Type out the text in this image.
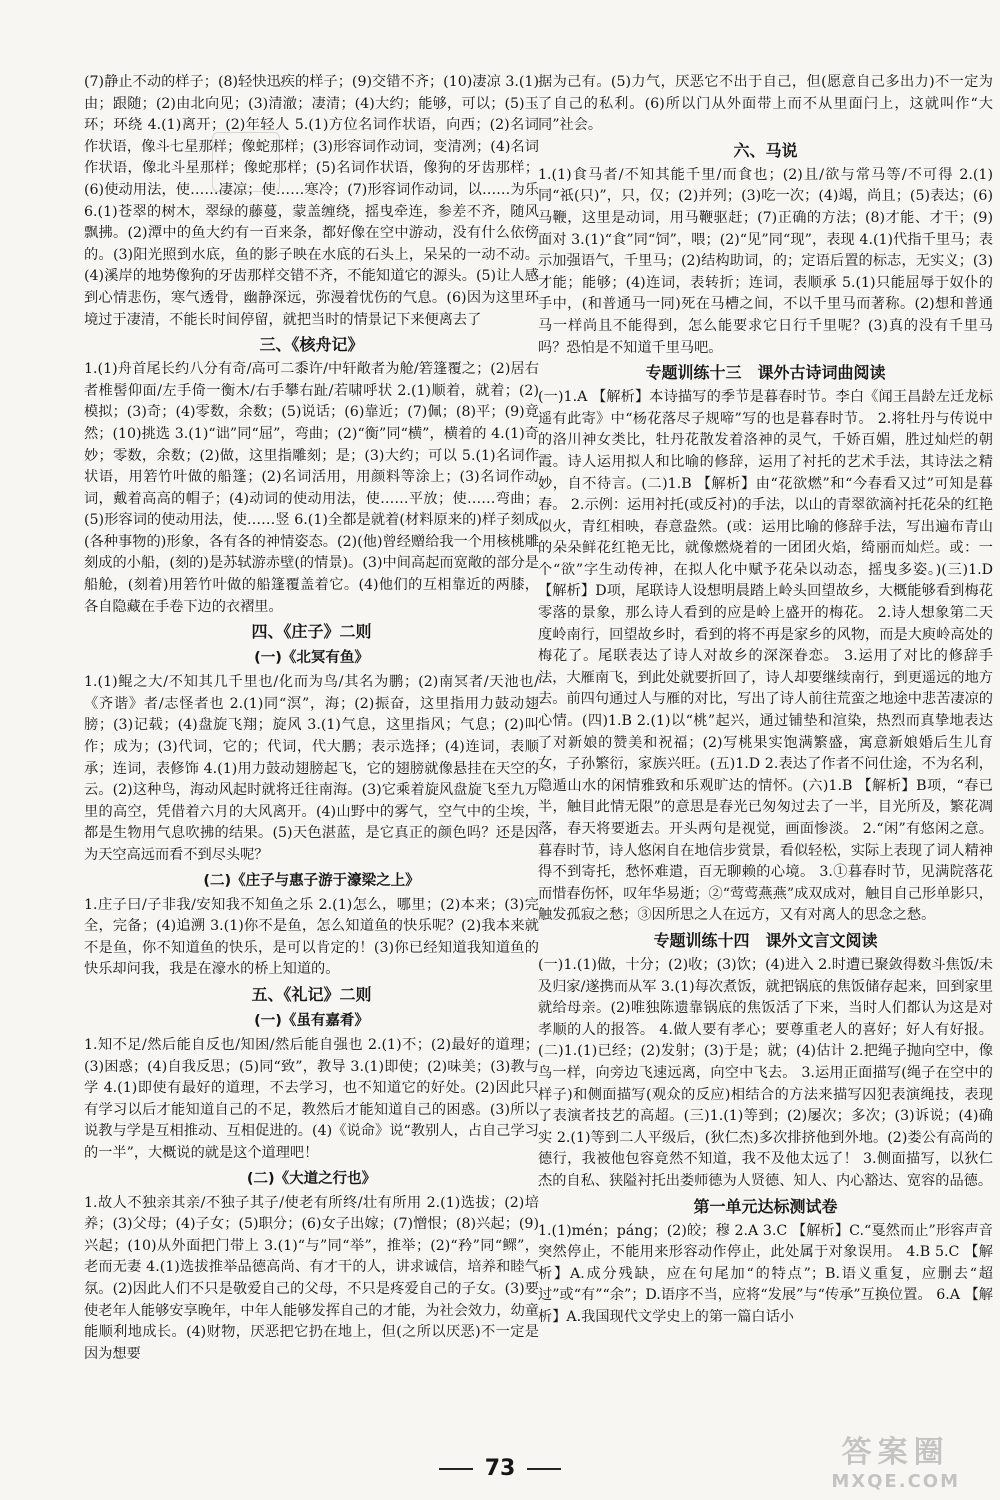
(7)静止不动的样子；(8)轻快迅疾的样子；(9)交错不齐；(10)凄凉 3.(1)由；跟随；(2)由北向见；(3)清澈；凄清；(4)大约；能够，可以；(5)玉环；环绕 4.(1)离开；(2)年轻人 5.(1)方位名词作状语，向西；(2)名词作状语，像斗七星那样；像蛇那样；(3)形容词作动词，变清冽；(4)名词作状语，像北斗星那样；像蛇那样；(5)名词作状语，像狗的牙齿那样；(6)使动用法，使……凄凉；使……寒冷；(7)形容词作动词，以……为乐 6.(1)苍翠的树木，翠绿的藤蔓，蒙盖缠绕，摇曳牵连，参差不齐，随风飘拂。(2)潭中的鱼大约有一百来条，都好像在空中游动，没有什么依傍的。(3)阳光照到水底，鱼的影子映在水底的石头上，呆呆的一动不动。(4)溪岸的地势像狗的牙齿那样交错不齐，不能知道它的源头。(5)让人感到心情悲伤，寒气透骨，幽静深远，弥漫着忧伤的气息。(6)因为这里环境过于凄清，不能长时间停留，就把当时的情景记下来便离去了

三、《核舟记》

1.(1)舟首尾长约八分有奇/高可二黍许/中轩敞者为舱/箬篷覆之；(2)居右者椎髻仰面/左手倚一衡木/右手攀右趾/若啸呼状 2.(1)顺着，就着；(2)模拟；(3)奇；(4)零数，余数；(5)说话；(6)靠近；(7)佩；(8)平；(9)竟然；(10)挑选 3.(1)“诎”同“屈”，弯曲；(2)“衡”同“横”，横着的 4.(1)奇妙；零数，余数；(2)做，这里指雕刻；是；(3)大约；可以 5.(1)名词作状语，用箬竹叶做的船篷；(2)名词活用，用颜料等涂上；(3)名词作动词，戴着高高的帽子；(4)动词的使动用法，使……平放；使……弯曲；(5)形容词的使动用法，使……竖 6.(1)全都是就着(材料原来的)样子刻成(各种事物的)形象，各有各的神情姿态。(2)(他)曾经赠给我一个用核桃雕刻成的小船，(刻的)是苏轼游赤壁(的情景)。(3)中间高起而宽敞的部分是船舱，(刻着)用箬竹叶做的船篷覆盖着它。(4)他们的互相靠近的两膝，各自隐藏在手卷下边的衣褶里。

四、《庄子》二则
(一)《北冥有鱼》

1.(1)鲲之大/不知其几千里也/化而为鸟/其名为鹏；(2)南冥者/天池也/《齐谐》者/志怪者也 2.(1)同“溟”，海；(2)振奋，这里指用力鼓动翅膀；(3)记载；(4)盘旋飞翔；旋风 3.(1)气息，这里指风；气息；(2)叫作；成为；(3)代词，它的；代词，代大鹏；表示选择；(4)连词，表顺承；连词，表修饰 4.(1)用力鼓动翅膀起飞，它的翅膀就像悬挂在天空的云。(2)这种鸟，海动风起时就将迁往南海。(3)它乘着旋风盘旋飞至九万里的高空，凭借着六月的大风离开。(4)山野中的雾气，空气中的尘埃，都是生物用气息吹拂的结果。(5)天色湛蓝，是它真正的颜色吗？还是因为天空高远而看不到尽头呢？

(二)《庄子与惠子游于濠梁之上》

1.庄子曰/子非我/安知我不知鱼之乐 2.(1)怎么，哪里；(2)本来；(3)完全，完备；(4)追溯 3.(1)你不是鱼，怎么知道鱼的快乐呢？(2)我本来就不是鱼，你不知道鱼的快乐，是可以肯定的！(3)你已经知道我知道鱼的快乐却问我，我是在濠水的桥上知道的。

五、《礼记》二则
(一)《虽有嘉肴》

1.知不足/然后能自反也/知困/然后能自强也 2.(1)不；(2)最好的道理；(3)困惑；(4)自我反思；(5)同“致”，教导 3.(1)即使；(2)味美；(3)教与学 4.(1)即使有最好的道理，不去学习，也不知道它的好处。(2)因此只有学习以后才能知道自己的不足，教然后才能知道自己的困惑。(3)所以说教与学是互相推动、互相促进的。(4)《说命》说“教别人，占自己学习的一半”，大概说的就是这个道理吧！

(二)《大道之行也》

1.故人不独亲其亲/不独子其子/使老有所终/壮有所用 2.(1)选拔；(2)培养；(3)父母；(4)子女；(5)职分；(6)女子出嫁；(7)憎恨；(8)兴起；(9)兴起；(10)从外面把门带上 3.(1)“与”同“举”，推举；(2)“矜”同“鳏”，老而无妻 4.(1)选拔推举品德高尚、有才干的人，讲求诚信，培养和睦气氛。(2)因此人们不只是敬爱自己的父母，不只是疼爱自己的子女。(3)要使老年人能够安享晚年，中年人能够发挥自己的才能，为社会效力，幼童能顺利地成长。(4)财物，厌恶把它扔在地上，但(之所以厌恶)不一定是因为想要

据为己有。(5)力气，厌恶它不出于自己，但(愿意自己多出力)不一定为了自己的私利。(6)所以门从外面带上而不从里面闩上，这就叫作“大同”社会。

六、马说

1.(1)食马者/不知其能千里/而食也；(2)且/欲与常马等/不可得 2.(1)同“祇(只)”，只，仅；(2)并列；(3)吃一次；(4)竭，尚且；(5)表达；(6)马鞭，这里是动词，用马鞭驱赶；(7)正确的方法；(8)才能、才干；(9)面对 3.(1)“食”同“饲”，喂；(2)“见”同“现”，表现 4.(1)代指千里马；表示加强语气，千里马；(2)结构助词，的；定语后置的标志，无实义；(3)才能；能够；(4)连词，表转折；连词，表顺承 5.(1)只能屈辱于奴仆的手中，(和普通马一同)死在马槽之间，不以千里马而著称。(2)想和普通马一样尚且不能得到，怎么能要求它日行千里呢？(3)真的没有千里马吗？恐怕是不知道千里马吧。

专题训练十三　课外古诗词曲阅读

(一)1.A 【解析】本诗描写的季节是暮春时节。李白《闻王昌龄左迁龙标遥有此寄》中“杨花落尽子规啼”写的也是暮春时节。 2.将牡丹与传说中的洛川神女类比，牡丹花散发着洛神的灵气，千娇百媚，胜过灿烂的朝霞。诗人运用拟人和比喻的修辞，运用了衬托的艺术手法，其诗法之精妙，自不待言。(二)1.B 【解析】由“花欲燃”和“今春看又过”可知是暮春。 2.示例：运用衬托(或反衬)的手法，以山的青翠欲滴衬托花朵的红艳似火，青红相映，春意盎然。(或：运用比喻的修辞手法，写出遍布青山的朵朵鲜花红艳无比，就像燃烧着的一团团火焰，绮丽而灿烂。或：一个“欲”字生动传神，在拟人化中赋予花朵以动态，摇曳多姿。)(三)1.D 【解析】D项，尾联诗人设想明晨踏上岭头回望故乡，大概能够看到梅花零落的景象，那么诗人看到的应是岭上盛开的梅花。 2.诗人想象第二天度岭南行，回望故乡时，看到的将不再是家乡的风物，而是大庾岭高处的梅花了。尾联表达了诗人对故乡的深深眷恋。 3.运用了对比的修辞手法，大雁南飞，到此处就要折回了，诗人却要继续南行，到更遥远的地方去。前四句通过人与雁的对比，写出了诗人前往荒蛮之地途中悲苦凄凉的心情。(四)1.B 2.(1)以“桃”起兴，通过铺垫和渲染，热烈而真挚地表达了对新娘的赞美和祝福；(2)写桃果实饱满繁盛，寓意新娘婚后生儿育女，子孙繁衍，家族兴旺。(五)1.D 2.表达了作者不问仕途，不为名利，隐遁山水的闲情雅致和乐观旷达的情怀。(六)1.B 【解析】B项，“春已半，触目此情无限”的意思是春光已匆匆过去了一半，目光所及，繁花凋落，春天将要逝去。开头两句是视觉，画面惨淡。 2.“闲”有悠闲之意。暮春时节，诗人悠闲自在地信步赏景，看似轻松，实际上表现了词人精神得不到寄托，愁怀难遣，百无聊赖的心境。 3.①暮春时节，见满院落花而惜春伤怀，叹年华易逝；②“莺莺燕燕”成双成对，触目自己形单影只，触发孤寂之愁；③因所思之人在远方，又有对离人的思念之愁。

专题训练十四　课外文言文阅读

(一)1.(1)做，十分；(2)收；(3)饮；(4)进入 2.时遭已聚敛得数斗焦饭/未及归家/遂携而从军 3.(1)每次煮饭，就把锅底的焦饭储存起来，回到家里就给母亲。(2)唯独陈遗靠锅底的焦饭活了下来，当时人们都认为这是对孝顺的人的报答。 4.做人要有孝心；要尊重老人的喜好；好人有好报。(二)1.(1)已经；(2)发射；(3)于是；就；(4)估计 2.把绳子抛向空中，像鸟一样，向旁边飞速远离，向空中飞去。 3.运用正面描写(绳子在空中的样子)和侧面描写(观众的反应)相结合的方法来描写囚犯表演绳技，表现了表演者技艺的高超。(三)1.(1)等到；(2)屡次；多次；(3)诉说；(4)确实 2.(1)等到二人平级后，(狄仁杰)多次排挤他到外地。(2)娄公有高尚的德行，我被他包容竟然不知道，我不及他太远了！ 3.侧面描写，以狄仁杰的自私、狭隘衬托出娄师德为人贤德、知人、内心豁达、宽容的品德。

第一单元达标测试卷

1.(1)mén；páng；(2)皎；穆 2.A 3.C 【解析】C.“戛然而止”形容声音突然停止，不能用来形容动作停止，此处属于对象误用。 4.B 5.C 【解析】A.成分残缺，应在句尾加“的特点”；B.语义重复，应删去“超过”或“有”“余”；D.语序不当，应将“发展”与“传承”互换位置。 6.A 【解析】A.我国现代文学史上的第一篇白话小

73	答案圈
MXQE.COM
